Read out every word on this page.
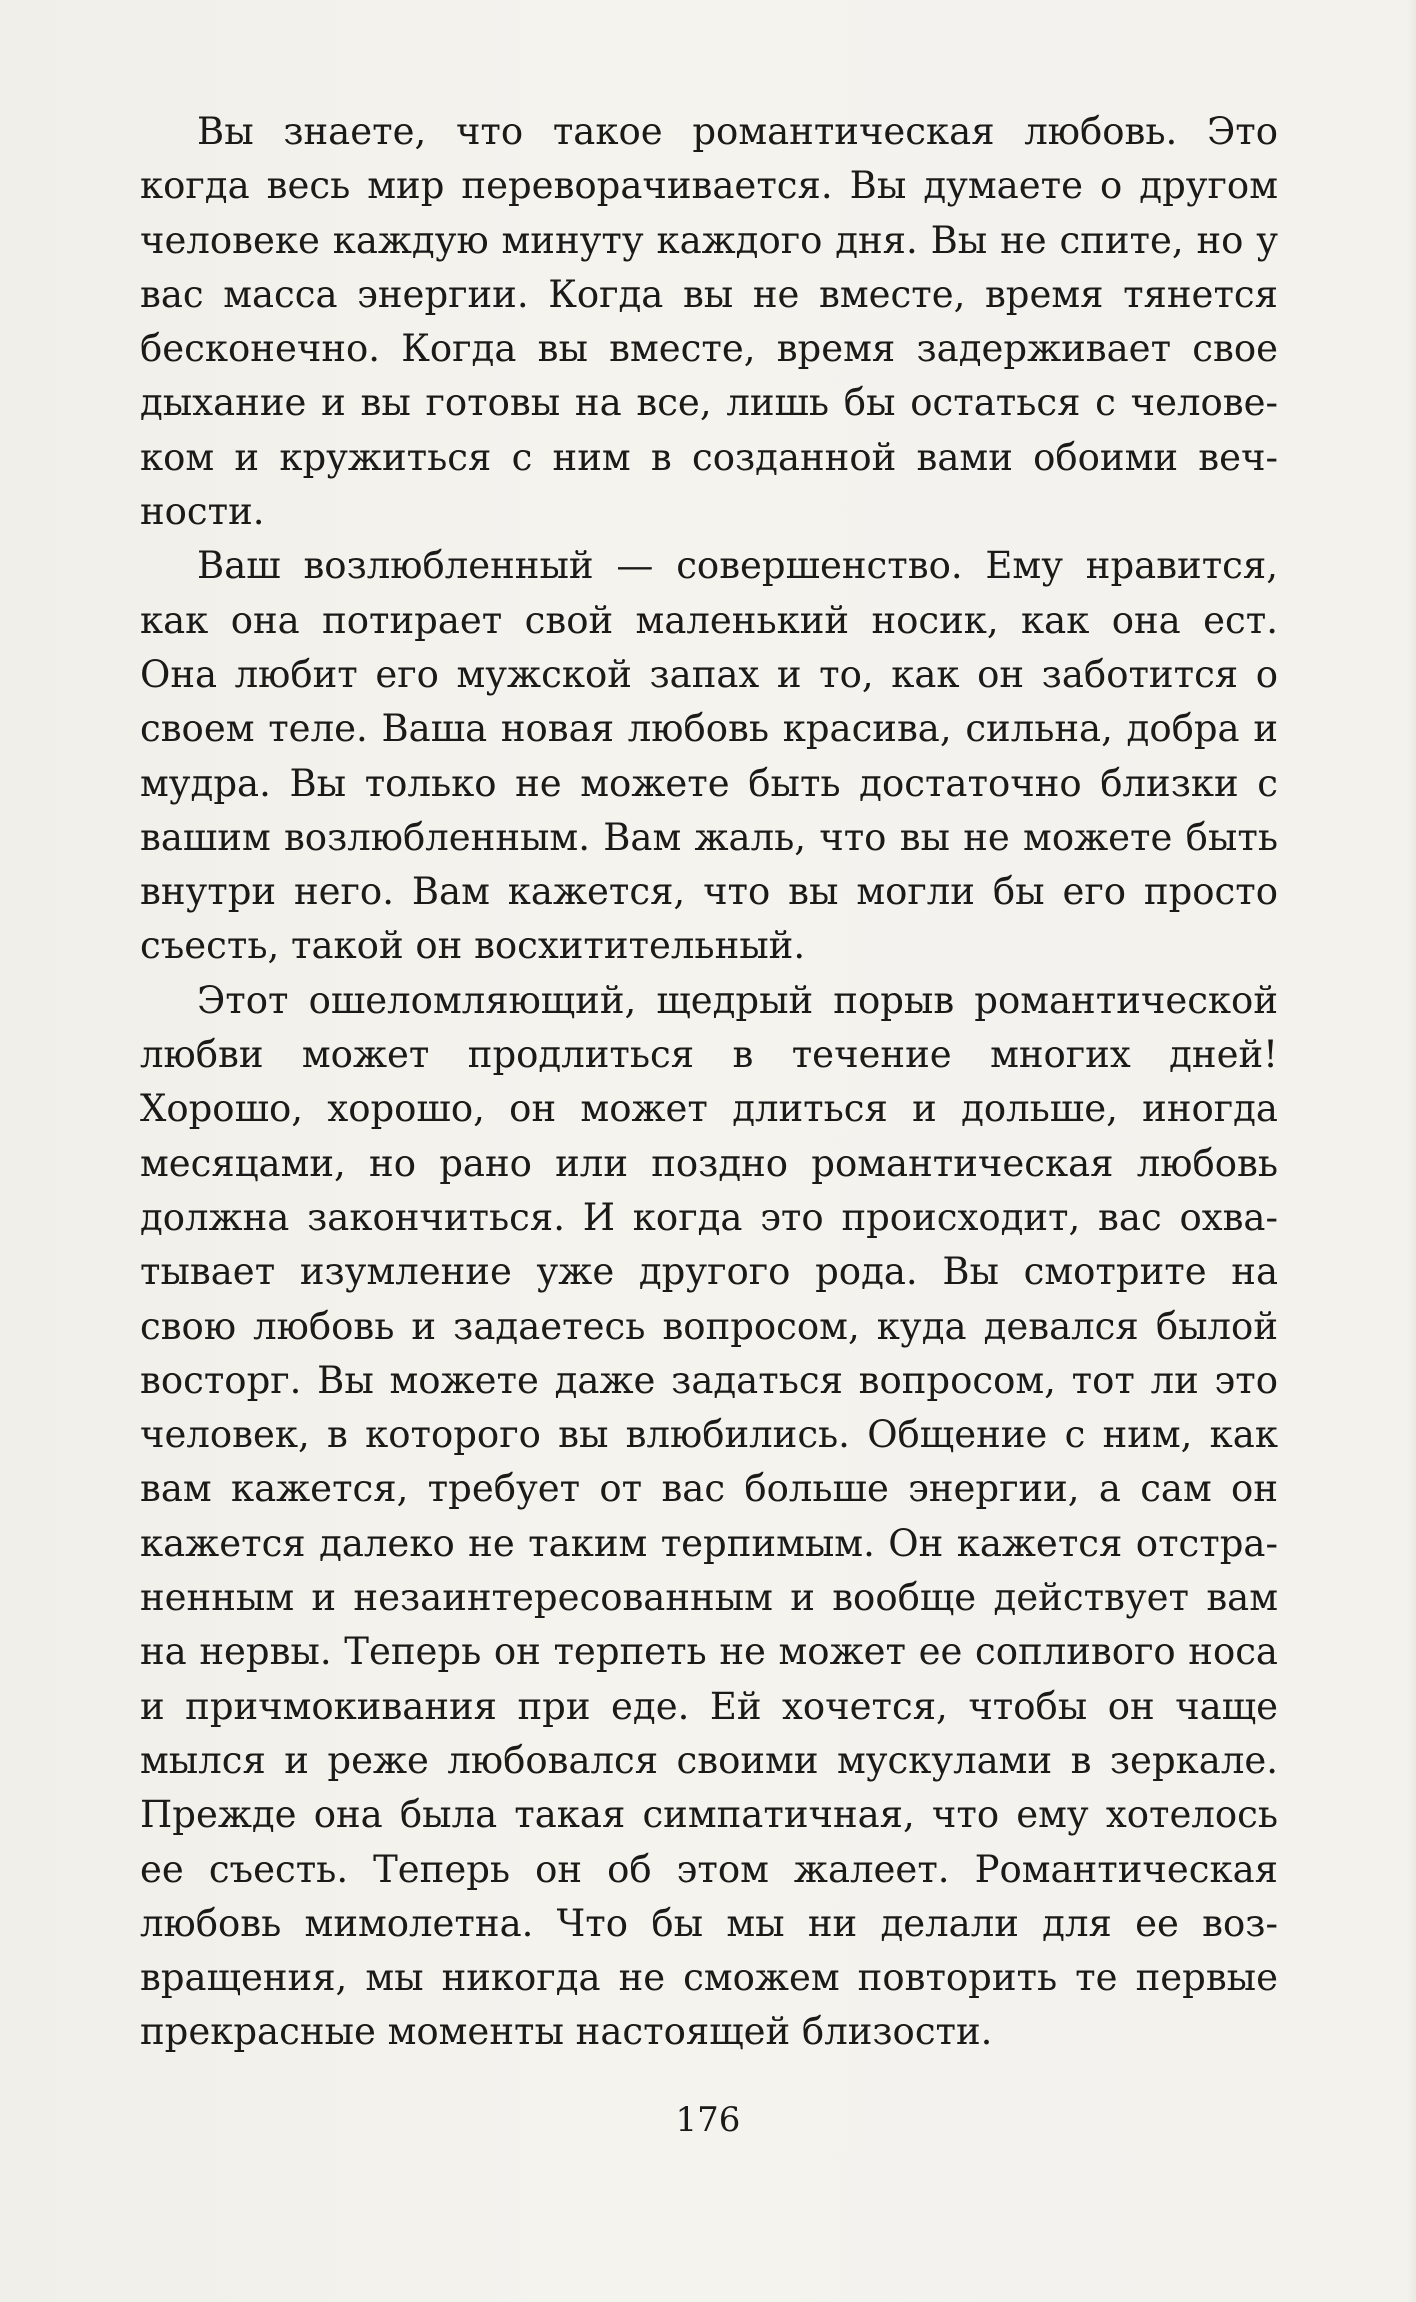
Вы знаете, что такое романтическая любовь. Это когда весь мир переворачивается. Вы думаете о другом человеке каждую минуту каждого дня. Вы не спите, но у вас масса энергии. Когда вы не вместе, время тянется бесконечно. Когда вы вместе, время задерживает свое дыхание и вы готовы на все, лишь бы остаться с человеком и кружиться с ним в созданной вами обоими вечности.

Ваш возлюбленный — совершенство. Ему нравится, как она потирает свой маленький носик, как она ест. Она любит его мужской запах и то, как он заботится о своем теле. Ваша новая любовь красива, сильна, добра и мудра. Вы только не можете быть достаточно близки с вашим возлюбленным. Вам жаль, что вы не можете быть внутри него. Вам кажется, что вы могли бы его просто съесть, такой он восхитительный.

Этот ошеломляющий, щедрый порыв романтической любви может продлиться в течение многих дней! Хорошо, хорошо, он может длиться и дольше, иногда месяцами, но рано или поздно романтическая любовь должна закончиться. И когда это происходит, вас охватывает изумление уже другого рода. Вы смотрите на свою любовь и задаетесь вопросом, куда девался былой восторг. Вы можете даже задаться вопросом, тот ли это человек, в которого вы влюбились. Общение с ним, как вам кажется, требует от вас больше энергии, а сам он кажется далеко не таким терпимым. Он кажется отстраненным и незаинтересованным и вообще действует вам на нервы. Теперь он терпеть не может ее сопливого носа и причмокивания при еде. Ей хочется, чтобы он чаще мылся и реже любовался своими мускулами в зеркале. Прежде она была такая симпатичная, что ему хотелось ее съесть. Теперь он об этом жалеет. Романтическая любовь мимолетна. Что бы мы ни делали для ее возвращения, мы никогда не сможем повторить те первые прекрасные моменты настоящей близости.

176
